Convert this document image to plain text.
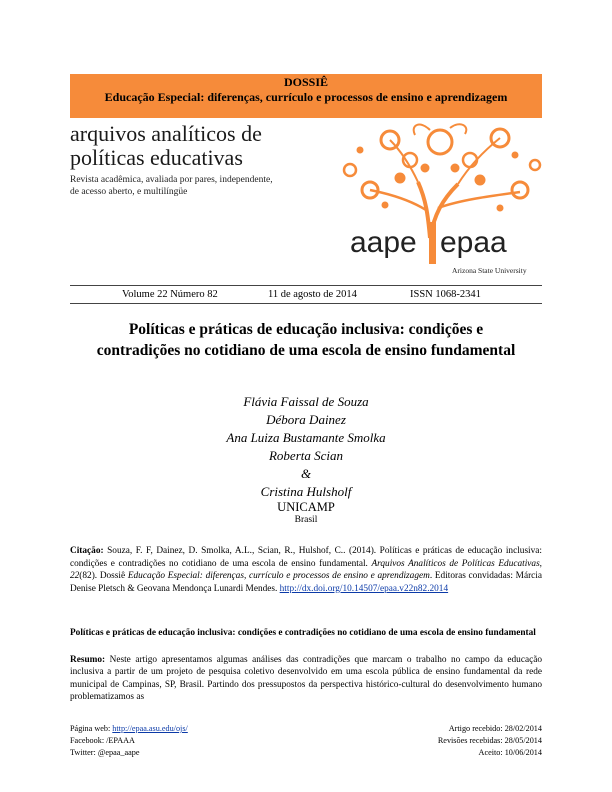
DOSSIÊ
Educação Especial: diferenças, currículo e processos de ensino e aprendizagem
arquivos analíticos de
políticas educativas
Revista acadêmica, avaliada por pares, independente, de acesso aberto, e multilíngüe
aape epaa
Arizona State University
Volume 22 Número 82	11 de agosto de 2014	ISSN 1068-2341
Políticas e práticas de educação inclusiva: condições e contradições no cotidiano de uma escola de ensino fundamental
Flávia Faissal de Souza
Débora Dainez
Ana Luiza Bustamante Smolka
Roberta Scian
&
Cristina Hulsholf
UNICAMP
Brasil
Citação: Souza, F. F, Dainez, D. Smolka, A.L., Scian, R., Hulshof, C.. (2014). Políticas e práticas de educação inclusiva: condições e contradições no cotidiano de uma escola de ensino fundamental. Arquivos Analíticos de Políticas Educativas, 22(82). Dossiê Educação Especial: diferenças, currículo e processos de ensino e aprendizagem. Editoras convidadas: Márcia Denise Pletsch & Geovana Mendonça Lunardi Mendes. http://dx.doi.org/10.14507/epaa.v22n82.2014
Políticas e práticas de educação inclusiva: condições e contradições no cotidiano de uma escola de ensino fundamental
Resumo: Neste artigo apresentamos algumas análises das contradições que marcam o trabalho no campo da educação inclusiva a partir de um projeto de pesquisa coletivo desenvolvido em uma escola pública de ensino fundamental da rede municipal de Campinas, SP, Brasil. Partindo dos pressupostos da perspectiva histórico-cultural do desenvolvimento humano problematizamos as
Página web: http://epaa.asu.edu/ojs/
Facebook: /EPAAA
Twitter: @epaa_aape
Artigo recebido: 28/02/2014
Revisões recebidas: 28/05/2014
Aceito: 10/06/2014
